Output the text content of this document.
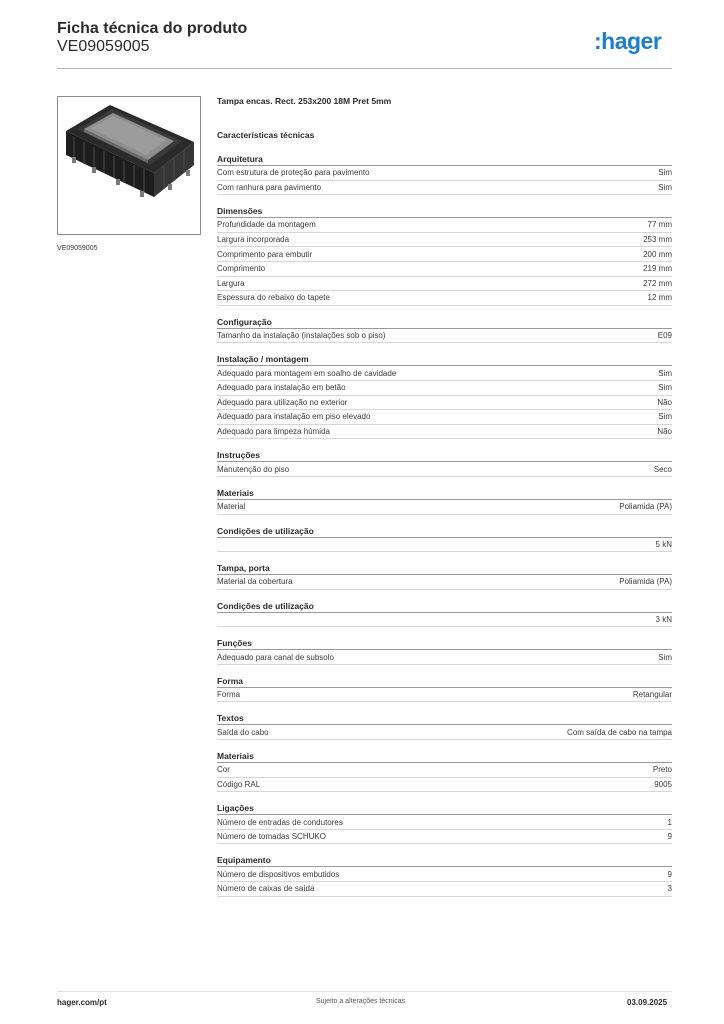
Ficha técnica do produto
VE09059005	:hager
VE09059005
Tampa encas. Rect. 253x200 18M Pret 5mm
Características técnicas
Arquitetura
Com estrutura de proteção para pavimento	Sim
Com ranhura para pavimento	Sim
Dimensões
Profundidade da montagem	77 mm
Largura incorporada	253 mm
Comprimento para embutir	200 mm
Comprimento	219 mm
Largura	272 mm
Espessura do rebaixo do tapete	12 mm
Configuração
Tamanho da instalação (instalações sob o piso)	E09
Instalação / montagem
Adequado para montagem em soalho de cavidade	Sim
Adequado para instalação em betão	Sim
Adequado para utilização no exterior	Não
Adequado para instalação em piso elevado	Sim
Adequado para limpeza húmida	Não
Instruções
Manutenção do piso	Seco
Materiais
Material	Poliamida (PA)
Condições de utilização
5 kN
Tampa, porta
Material da cobertura	Poliamida (PA)
Condições de utilização
3 kN
Funções
Adequado para canal de subsolo	Sim
Forma
Forma	Retangular
Textos
Saída do cabo	Com saída de cabo na tampa
Materiais
Cor	Preto
Código RAL	9005
Ligações
Número de entradas de condutores	1
Número de tomadas SCHUKO	9
Equipamento
Número de dispositivos embutidos	9
Número de caixas de saída	3
hager.com/pt	Sujeito a alterações técnicas	03.09.2025
